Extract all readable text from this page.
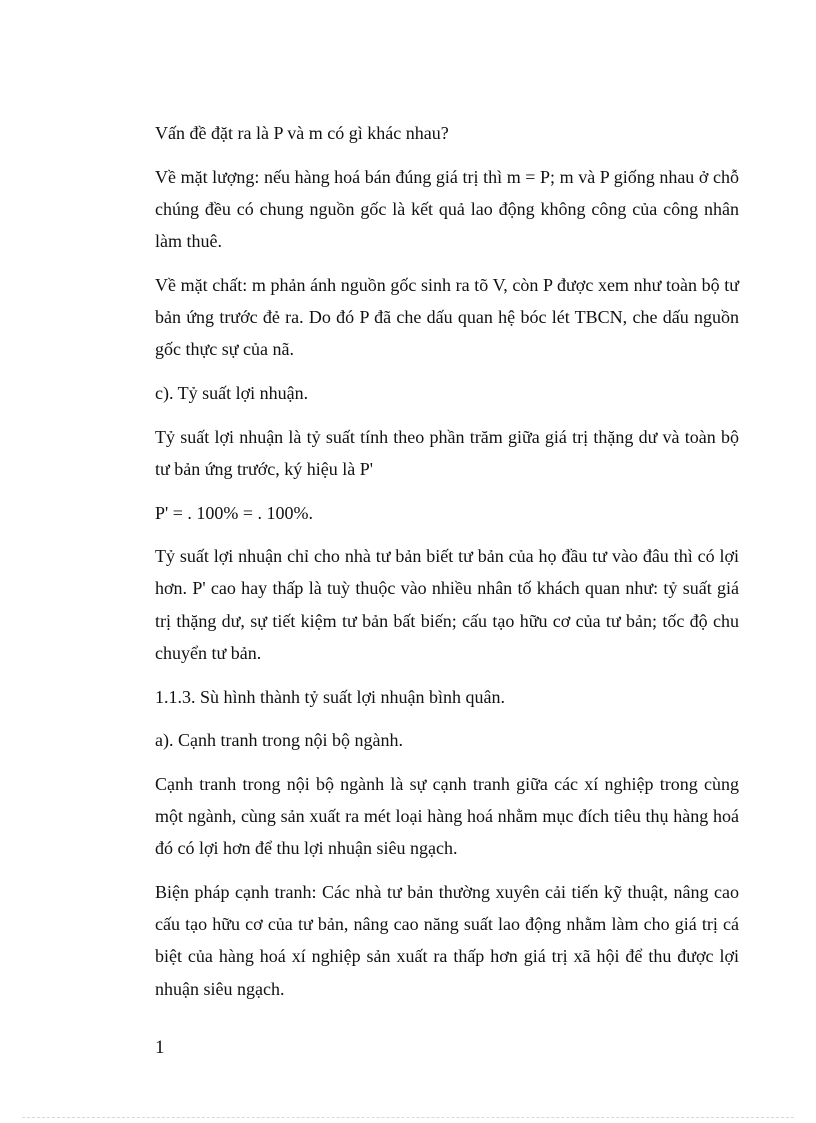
Vấn đề đặt ra là P và m có gì khác nhau?

Về mặt lượng: nếu hàng hoá bán đúng giá trị thì m = P; m và P giống nhau ở chỗ chúng đều có chung nguồn gốc là kết quả lao động không công của công nhân làm thuê.

Về mặt chất: m phản ánh nguồn gốc sinh ra tõ V, còn P được xem như toàn bộ tư bản ứng trước đẻ ra. Do đó P đã che dấu quan hệ bóc lét TBCN, che dấu nguồn gốc thực sự của nã.

c). Tỷ suất lợi nhuận.

Tỷ suất lợi nhuận là tỷ suất tính theo phần trăm giữa giá trị thặng dư và toàn bộ tư bản ứng trước, ký hiệu là P'

P' = . 100% = . 100%.

Tỷ suất lợi nhuận chỉ cho nhà tư bản biết tư bản của họ đầu tư vào đâu thì có lợi hơn. P' cao hay thấp là tuỳ thuộc vào nhiều nhân tố khách quan như: tỷ suất giá trị thặng dư, sự tiết kiệm tư bản bất biến; cấu tạo hữu cơ của tư bản; tốc độ chu chuyển tư bản.

1.1.3. Sù hình thành tỷ suất lợi nhuận bình quân.

a). Cạnh tranh trong nội bộ ngành.

Cạnh tranh trong nội bộ ngành là sự cạnh tranh giữa các xí nghiệp trong cùng một ngành, cùng sản xuất ra mét loại hàng hoá nhằm mục đích tiêu thụ hàng hoá đó có lợi hơn để thu lợi nhuận siêu ngạch.

Biện pháp cạnh tranh: Các nhà tư bản thường xuyên cải tiến kỹ thuật, nâng cao cấu tạo hữu cơ của tư bản, nâng cao năng suất lao động nhằm làm cho giá trị cá biệt của hàng hoá xí nghiệp sản xuất ra thấp hơn giá trị xã hội để thu được lợi nhuận siêu ngạch.

1
